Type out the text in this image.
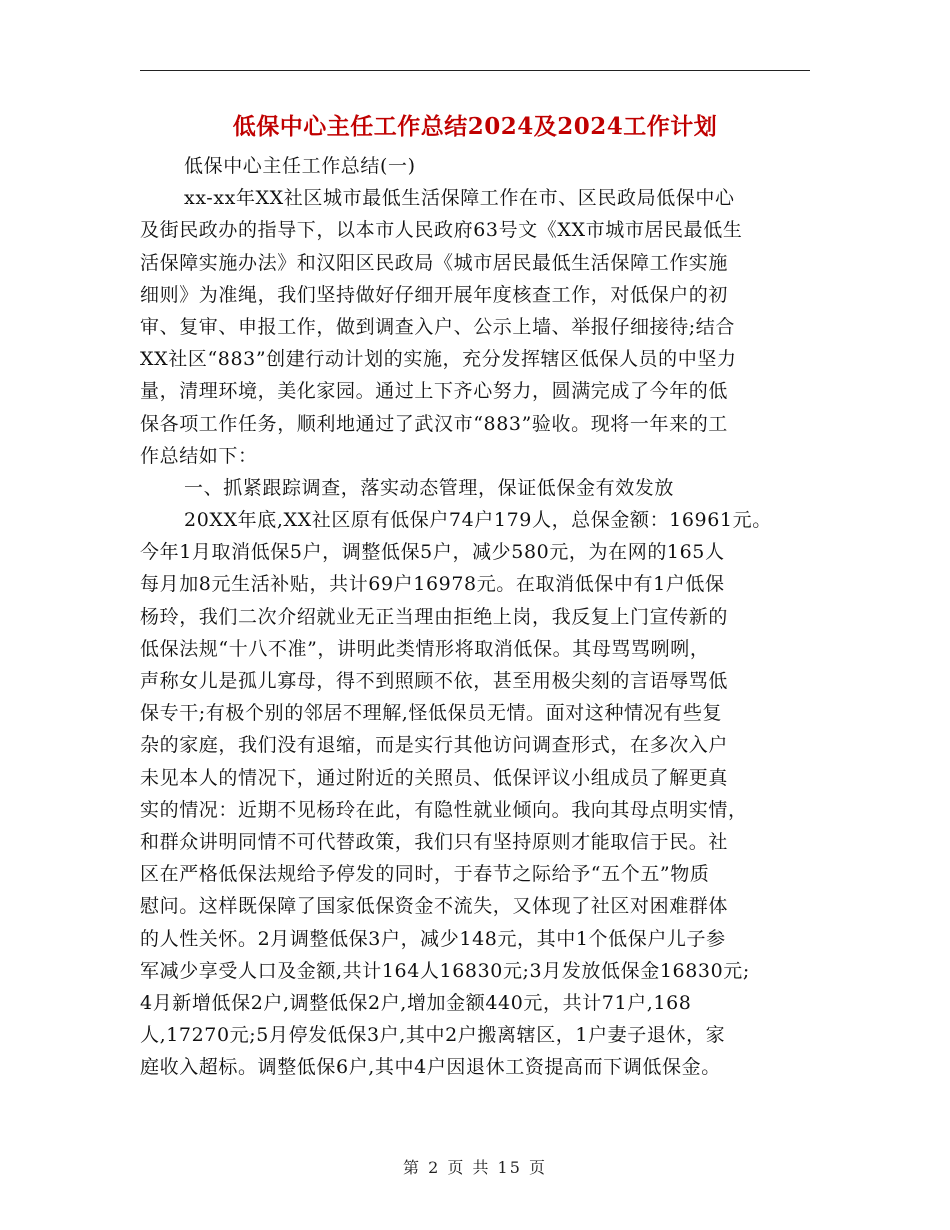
低保中心主任工作总结2024及2024工作计划
低保中心主任工作总结(一)
xx-xx年XX社区城市最低生活保障工作在市、区民政局低保中心
及街民政办的指导下，以本市人民政府63号文《XX市城市居民最低生
活保障实施办法》和汉阳区民政局《城市居民最低生活保障工作实施
细则》为准绳，我们坚持做好仔细开展年度核查工作，对低保户的初
审、复审、申报工作，做到调查入户、公示上墙、举报仔细接待;结合
XX社区“883”创建行动计划的实施，充分发挥辖区低保人员的中坚力
量，清理环境，美化家园。通过上下齐心努力，圆满完成了今年的低
保各项工作任务，顺利地通过了武汉市“883”验收。现将一年来的工
作总结如下：
一、抓紧跟踪调查，落实动态管理，保证低保金有效发放
20XX年底,XX社区原有低保户74户179人，总保金额：16961元。
今年1月取消低保5户，调整低保5户，减少580元，为在网的165人
每月加8元生活补贴，共计69户16978元。在取消低保中有1户低保
杨玲，我们二次介绍就业无正当理由拒绝上岗，我反复上门宣传新的
低保法规“十八不准”，讲明此类情形将取消低保。其母骂骂咧咧，
声称女儿是孤儿寡母，得不到照顾不依，甚至用极尖刻的言语辱骂低
保专干;有极个别的邻居不理解,怪低保员无情。面对这种情况有些复
杂的家庭，我们没有退缩，而是实行其他访问调查形式，在多次入户
未见本人的情况下，通过附近的关照员、低保评议小组成员了解更真
实的情况：近期不见杨玲在此，有隐性就业倾向。我向其母点明实情，
和群众讲明同情不可代替政策，我们只有坚持原则才能取信于民。社
区在严格低保法规给予停发的同时，于春节之际给予“五个五”物质
慰问。这样既保障了国家低保资金不流失，又体现了社区对困难群体
的人性关怀。2月调整低保3户，减少148元，其中1个低保户儿子参
军减少享受人口及金额,共计164人16830元;3月发放低保金16830元;
4月新增低保2户,调整低保2户,增加金额440元，共计71户,168
人,17270元;5月停发低保3户,其中2户搬离辖区，1户妻子退休，家
庭收入超标。调整低保6户,其中4户因退休工资提高而下调低保金。
第 2 页 共 15 页
